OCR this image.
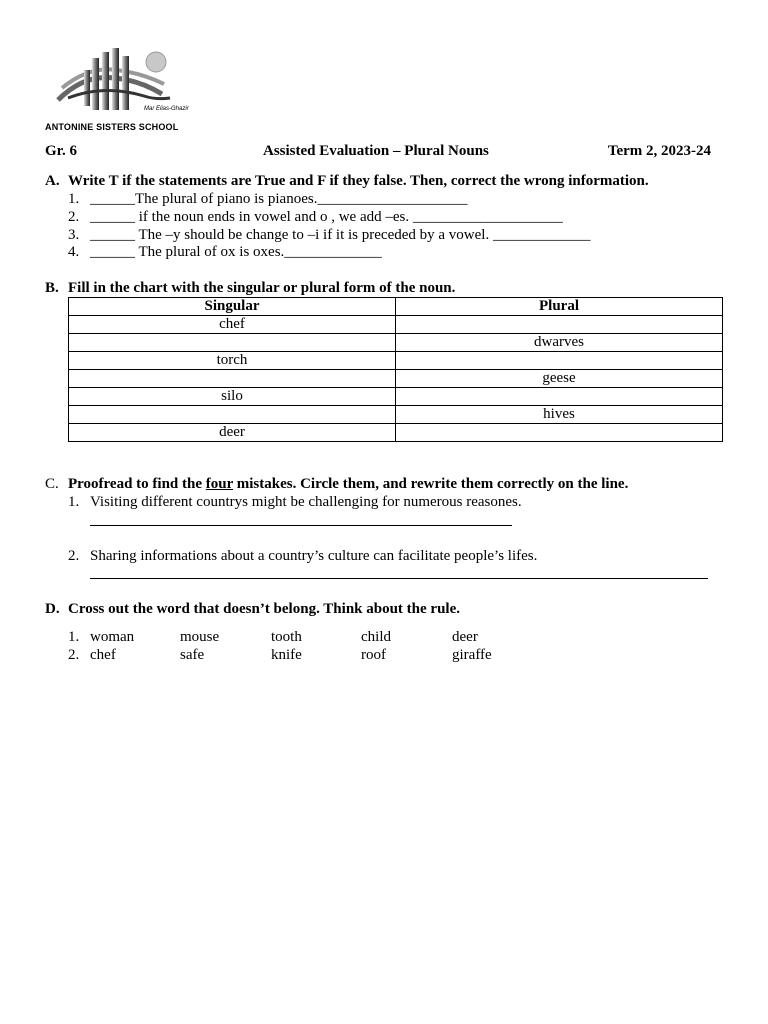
Mar Elias-Ghazir
ANTONINE SISTERS SCHOOL
Gr. 6	Assisted Evaluation – Plural Nouns	Term 2, 2023-24
A. Write T if the statements are True and F if they false. Then, correct the wrong information.
1. ______The plural of piano is pianoes.____________________
2. ______ if the noun ends in vowel and o , we add –es. ____________________
3. ______ The –y should be change to –i if it is preceded by a vowel. _____________
4. ______ The plural of ox is oxes._____________
B. Fill in the chart with the singular or plural form of the noun.
Singular	Plural
chef	
	dwarves
torch	
	geese
silo	
	hives
deer	
C. Proofread to find the four mistakes. Circle them, and rewrite them correctly on the line.
1. Visiting different countrys might be challenging for numerous reasones.
2. Sharing informations about a country’s culture can facilitate people’s lifes.
D. Cross out the word that doesn’t belong. Think about the rule.
1. woman	mouse	tooth	child	deer
2. chef	safe	knife	roof	giraffe
